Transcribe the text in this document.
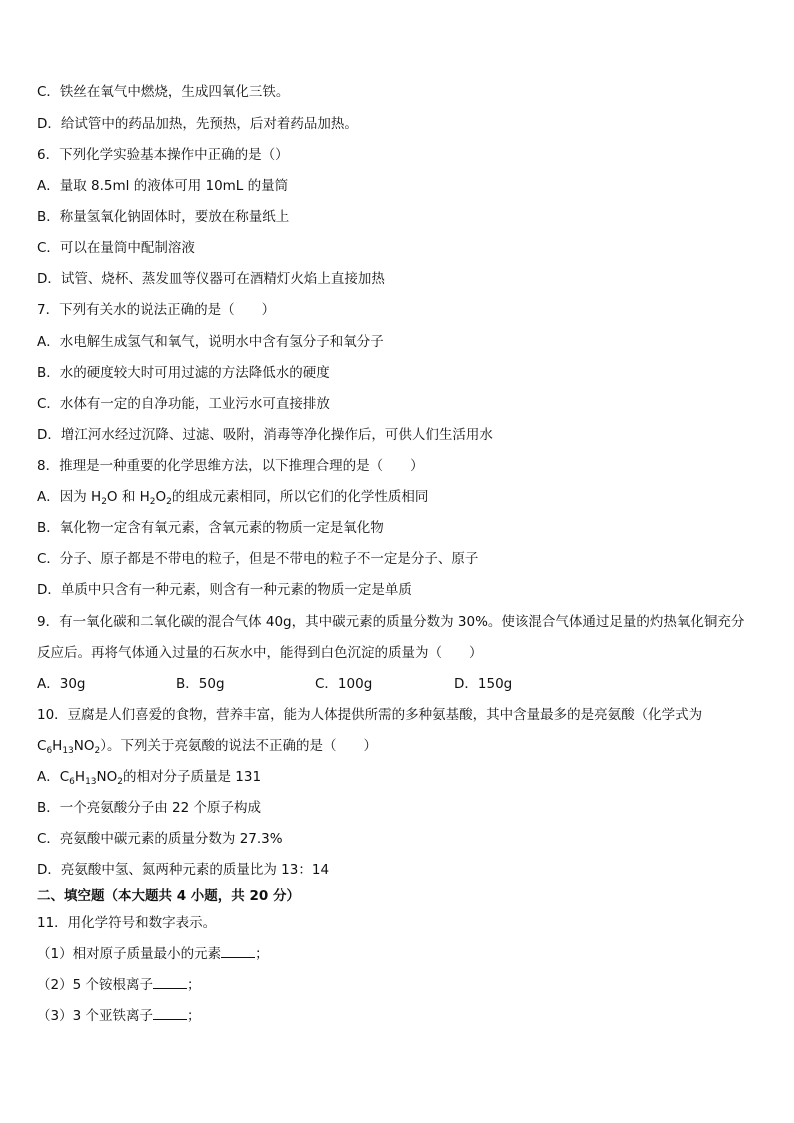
C．铁丝在氧气中燃烧，生成四氧化三铁。
D．给试管中的药品加热，先预热，后对着药品加热。
6．下列化学实验基本操作中正确的是（）
A．量取 8.5ml 的液体可用 10mL 的量筒
B．称量氢氧化钠固体时，要放在称量纸上
C．可以在量筒中配制溶液
D．试管、烧杯、蒸发皿等仪器可在酒精灯火焰上直接加热
7．下列有关水的说法正确的是（　　）
A．水电解生成氢气和氧气，说明水中含有氢分子和氧分子
B．水的硬度较大时可用过滤的方法降低水的硬度
C．水体有一定的自净功能，工业污水可直接排放
D．增江河水经过沉降、过滤、吸附，消毒等净化操作后，可供人们生活用水
8．推理是一种重要的化学思维方法，以下推理合理的是（　　）
A．因为 $H_2O$ 和 $H_2O_2$的组成元素相同，所以它们的化学性质相同
B．氧化物一定含有氧元素，含氧元素的物质一定是氧化物
C．分子、原子都是不带电的粒子，但是不带电的粒子不一定是分子、原子
D．单质中只含有一种元素，则含有一种元素的物质一定是单质
9．有一氧化碳和二氧化碳的混合气体 40g，其中碳元素的质量分数为 30%。使该混合气体通过足量的灼热氧化铜充分
反应后。再将气体通入过量的石灰水中，能得到白色沉淀的质量为（　　）
A．30g	B．50g	C．100g	D．150g
10．豆腐是人们喜爱的食物，营养丰富，能为人体提供所需的多种氨基酸，其中含量最多的是亮氨酸（化学式为
$C_6H_{13}NO_2$）。下列关于亮氨酸的说法不正确的是（　　）
A．$C_6H_{13}NO_2$的相对分子质量是 131
B．一个亮氨酸分子由 22 个原子构成
C．亮氨酸中碳元素的质量分数为 27.3%
D．亮氨酸中氢、氮两种元素的质量比为 13：14
二、填空题（本大题共 4 小题，共 20 分）
11．用化学符号和数字表示。
（1）相对原子质量最小的元素	；
（2）5 个铵根离子	；
（3）3 个亚铁离子	；
